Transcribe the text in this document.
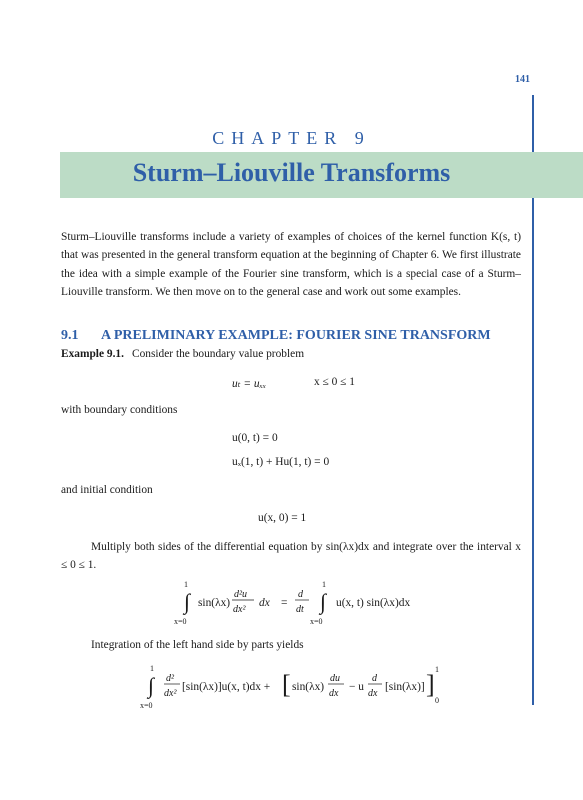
141
CHAPTER 9
Sturm–Liouville Transforms
Sturm–Liouville transforms include a variety of examples of choices of the kernel function K(s, t) that was presented in the general transform equation at the beginning of Chapter 6. We first illustrate the idea with a simple example of the Fourier sine transform, which is a special case of a Sturm–Liouville transform. We then move on to the general case and work out some examples.
9.1 A PRELIMINARY EXAMPLE: FOURIER SINE TRANSFORM
Example 9.1. Consider the boundary value problem
uₜ = uₓₓ	x ≤ 0 ≤ 1
with boundary conditions
u(0, t) = 0
uₓ(1, t) + Hu(1, t) = 0
and initial condition
u(x, 0) = 1
Multiply both sides of the differential equation by sin(λx)dx and integrate over the interval x ≤ 0 ≤ 1.
1
∫
x=0
sin(λx)
d²u
dx²
dx =
d
dt
1
∫
x=0
u(x, t) sin(λx)dx
Integration of the left hand side by parts yields
1
∫
x=0
d²
dx²
[sin(λx)]u(x, t)dx + [ sin(λx)
du
dx
− u
d
dx
[sin(λx)] ]
1
0
